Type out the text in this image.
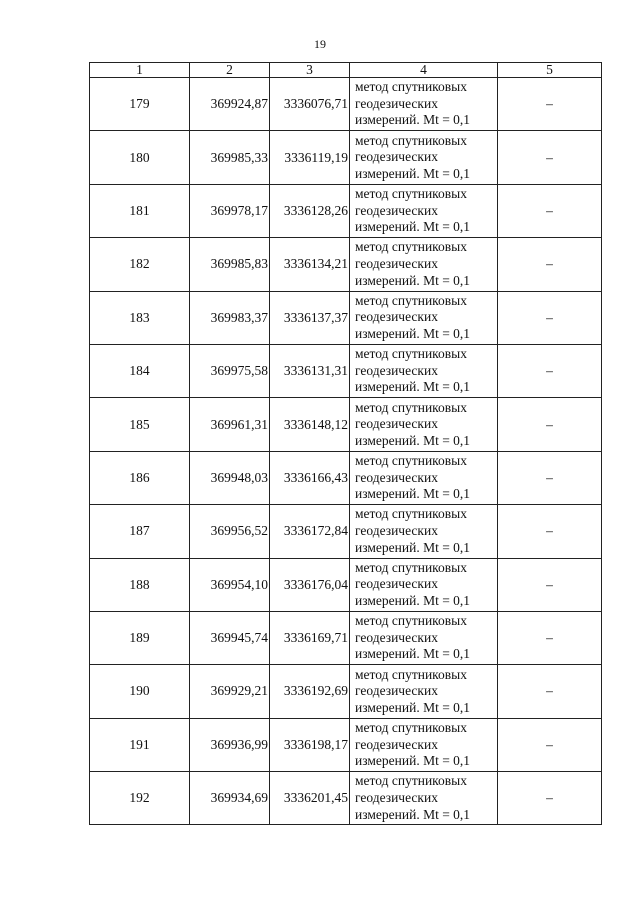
19
1	2	3	4	5
179	369924,87	3336076,71	метод спутниковых
геодезических
измерений. Mt = 0,1	–
180	369985,33	3336119,19	метод спутниковых
геодезических
измерений. Mt = 0,1	–
181	369978,17	3336128,26	метод спутниковых
геодезических
измерений. Mt = 0,1	–
182	369985,83	3336134,21	метод спутниковых
геодезических
измерений. Mt = 0,1	–
183	369983,37	3336137,37	метод спутниковых
геодезических
измерений. Mt = 0,1	–
184	369975,58	3336131,31	метод спутниковых
геодезических
измерений. Mt = 0,1	–
185	369961,31	3336148,12	метод спутниковых
геодезических
измерений. Mt = 0,1	–
186	369948,03	3336166,43	метод спутниковых
геодезических
измерений. Mt = 0,1	–
187	369956,52	3336172,84	метод спутниковых
геодезических
измерений. Mt = 0,1	–
188	369954,10	3336176,04	метод спутниковых
геодезических
измерений. Mt = 0,1	–
189	369945,74	3336169,71	метод спутниковых
геодезических
измерений. Mt = 0,1	–
190	369929,21	3336192,69	метод спутниковых
геодезических
измерений. Mt = 0,1	–
191	369936,99	3336198,17	метод спутниковых
геодезических
измерений. Mt = 0,1	–
192	369934,69	3336201,45	метод спутниковых
геодезических
измерений. Mt = 0,1	–
